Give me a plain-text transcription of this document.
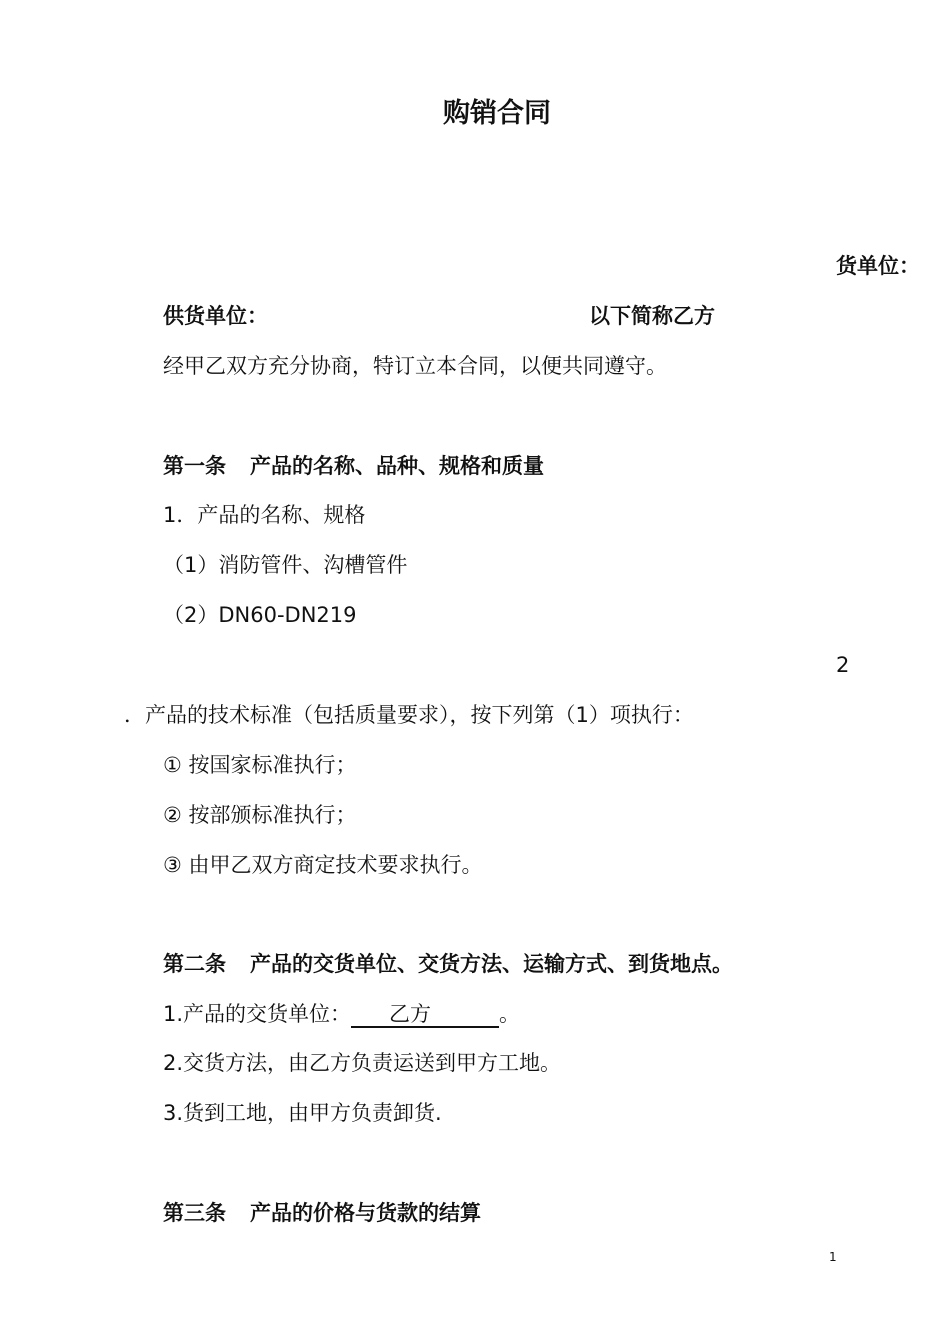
购销合同
货单位：
供货单位：	以下简称乙方
经甲乙双方充分协商，特订立本合同，以便共同遵守。
第一条 产品的名称、品种、规格和质量
1．产品的名称、规格
（1）消防管件、沟槽管件
（2）DN60-DN219
2
．产品的技术标准（包括质量要求），按下列第（1）项执行：
① 按国家标准执行；
② 按部颁标准执行；
③ 由甲乙双方商定技术要求执行。
第二条 产品的交货单位、交货方法、运输方式、到货地点。
1.产品的交货单位： 乙方	。
2.交货方法，由乙方负责运送到甲方工地。
3.货到工地，由甲方负责卸货.
第三条 产品的价格与货款的结算
1
